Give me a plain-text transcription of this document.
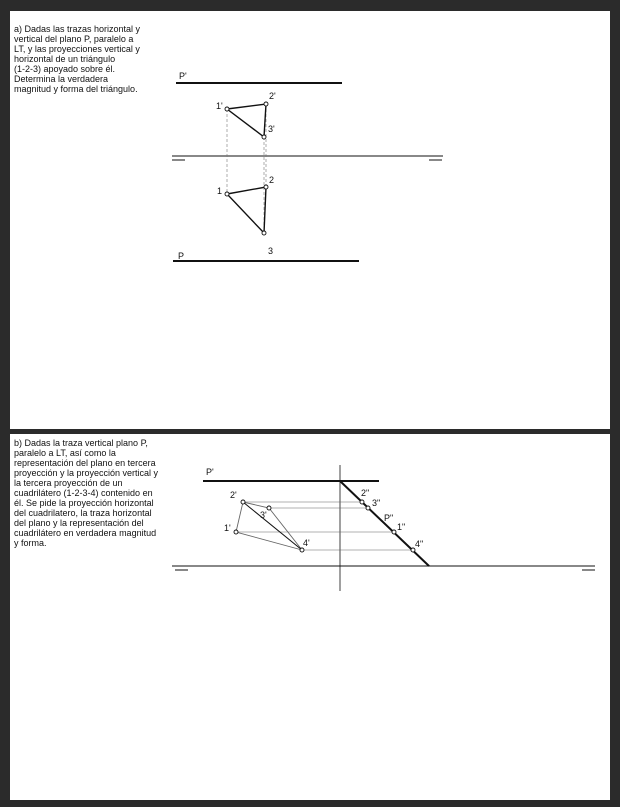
a) Dadas las trazas horizontal y
vertical del plano P, paralelo a
LT, y las proyecciones vertical y
horizontal de un triángulo
(1-2-3) apoyado sobre él.
Determina la verdadera
magnitud y forma del triángulo.
P'
P
1'
2'
3'
1
2
3
b) Dadas la traza vertical plano P,
paralelo a LT, así como la
representación del plano en tercera
proyección y la proyección vertical y
la tercera proyección de un
cuadrilátero (1-2-3-4) contenido en
él. Se pide la proyección horizontal
del cuadrilatero, la traza horizontal
del plano y la representación del
cuadrilátero en verdadera magnitud
y forma.
P'
P"
1'
2'
3'
4'
2"
3"
1"
4"
